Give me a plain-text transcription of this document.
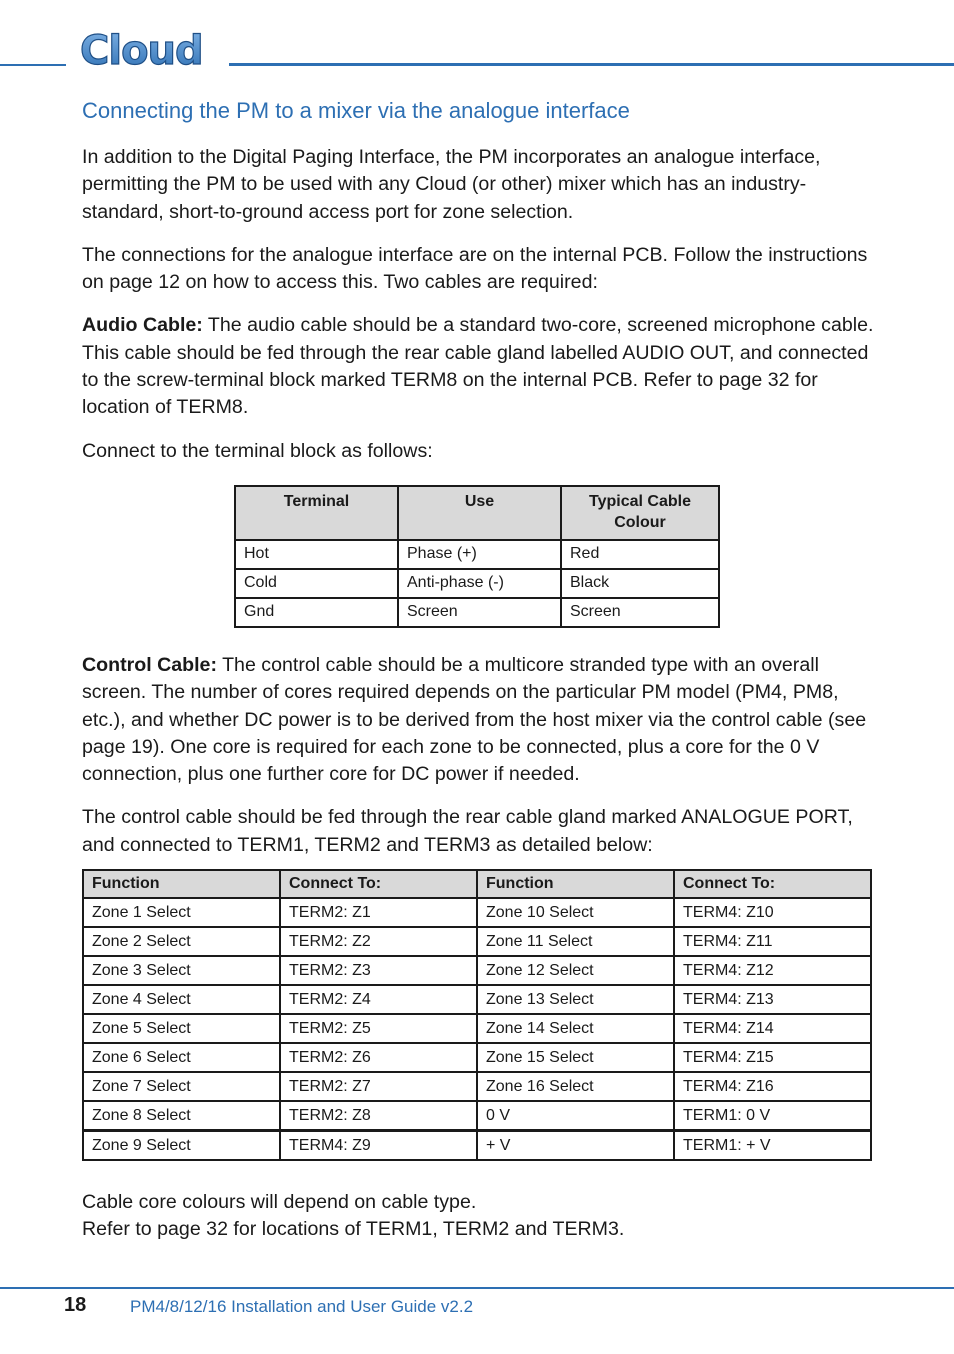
Cloud
Connecting the PM to a mixer via the analogue interface

In addition to the Digital Paging Interface, the PM incorporates an analogue interface, permitting the PM to be used with any Cloud (or other) mixer which has an industry-standard, short-to-ground access port for zone selection.

The connections for the analogue interface are on the internal PCB. Follow the instructions on page 12 on how to access this. Two cables are required:

Audio Cable: The audio cable should be a standard two-core, screened microphone cable. This cable should be fed through the rear cable gland labelled AUDIO OUT, and connected to the screw-terminal block marked TERM8 on the internal PCB. Refer to page 32 for location of TERM8.

Connect to the terminal block as follows:

Terminal	Use	Typical Cable Colour
Hot	Phase (+)	Red
Cold	Anti-phase (-)	Black
Gnd	Screen	Screen

Control Cable: The control cable should be a multicore stranded type with an overall screen. The number of cores required depends on the particular PM model (PM4, PM8, etc.), and whether DC power is to be derived from the host mixer via the control cable (see page 19). One core is required for each zone to be connected, plus a core for the 0 V connection, plus one further core for DC power if needed.

The control cable should be fed through the rear cable gland marked ANALOGUE PORT, and connected to TERM1, TERM2 and TERM3 as detailed below:

Function	Connect To:	Function	Connect To:
Zone 1 Select	TERM2: Z1	Zone 10 Select	TERM4: Z10
Zone 2 Select	TERM2: Z2	Zone 11 Select	TERM4: Z11
Zone 3 Select	TERM2: Z3	Zone 12 Select	TERM4: Z12
Zone 4 Select	TERM2: Z4	Zone 13 Select	TERM4: Z13
Zone 5 Select	TERM2: Z5	Zone 14 Select	TERM4: Z14
Zone 6 Select	TERM2: Z6	Zone 15 Select	TERM4: Z15
Zone 7 Select	TERM2: Z7	Zone 16 Select	TERM4: Z16
Zone 8 Select	TERM2: Z8	0 V	TERM1: 0 V
Zone 9 Select	TERM4: Z9	+ V	TERM1: + V

Cable core colours will depend on cable type.

Refer to page 32 for locations of TERM1, TERM2 and TERM3.

18	PM4/8/12/16 Installation and User Guide v2.2
